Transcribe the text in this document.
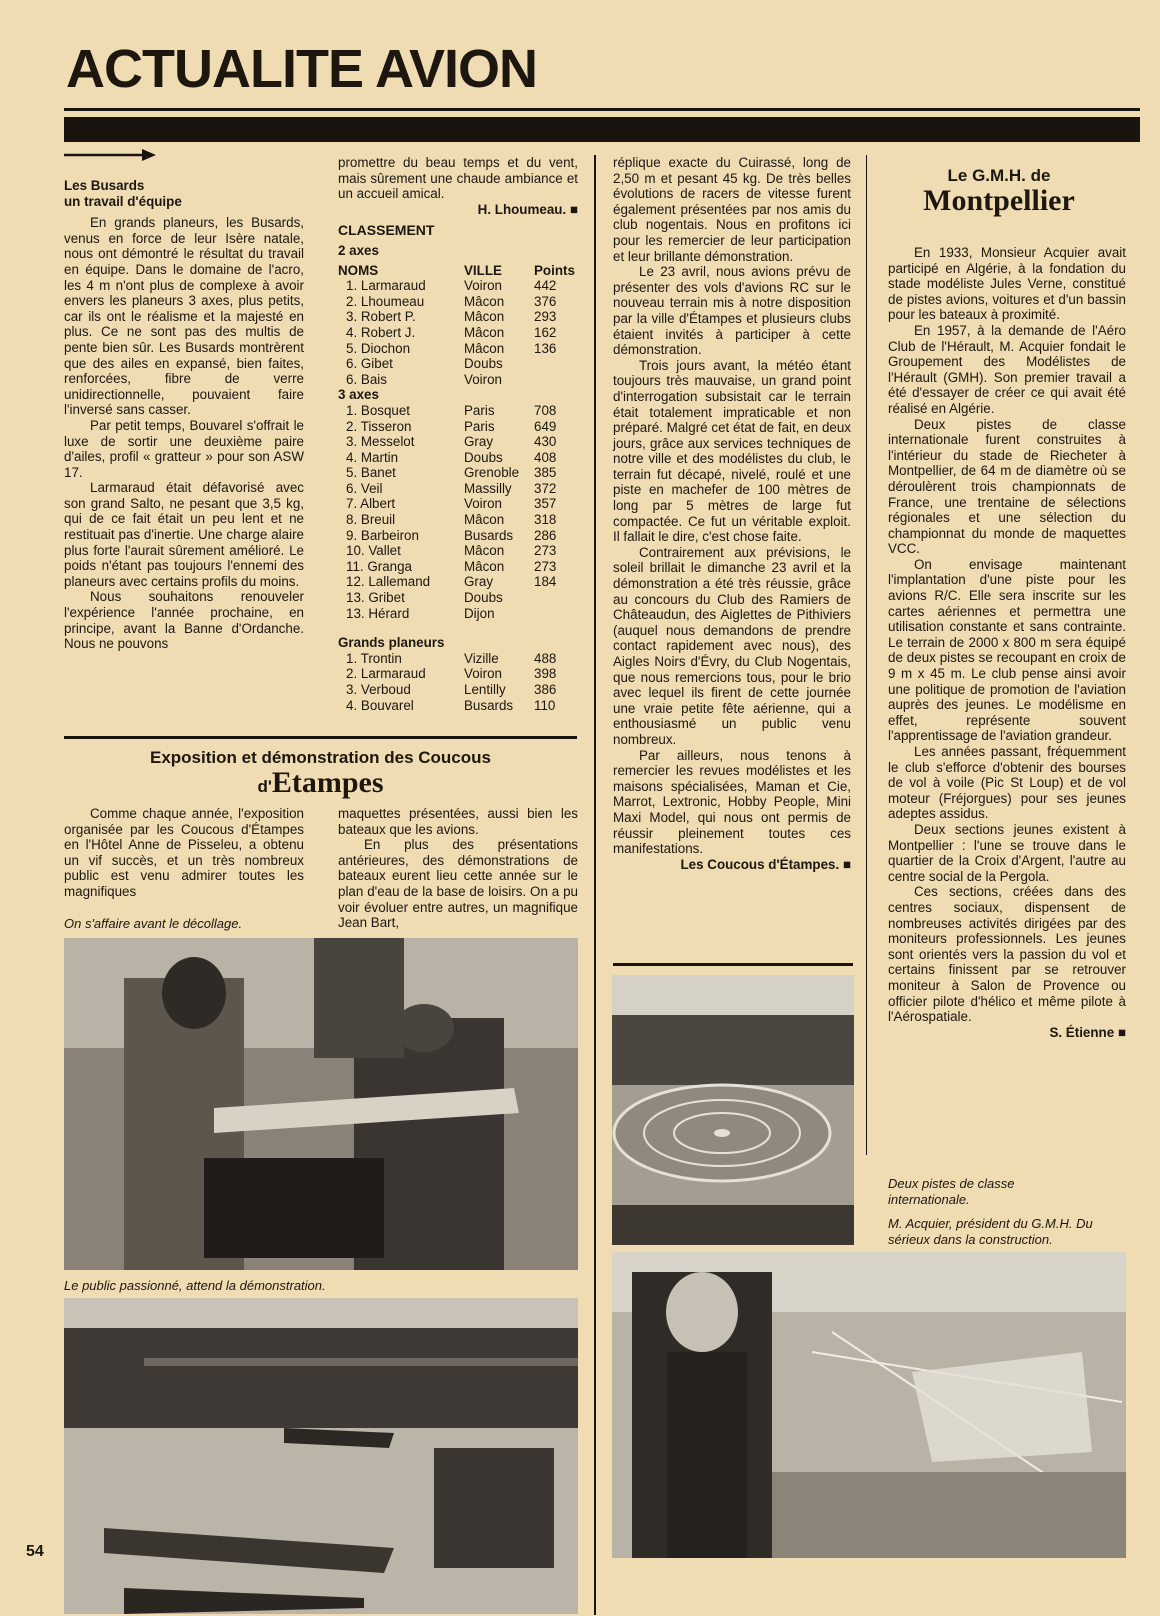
ACTUALITE AVION

Les Busards

un travail d'équipe

En grands planeurs, les Busards, venus en force de leur Isère natale, nous ont démontré le résultat du travail en équipe. Dans le domaine de l'acro, les 4 m n'ont plus de complexe à avoir envers les planeurs 3 axes, plus petits, car ils ont le réalisme et la majesté en plus. Ce ne sont pas des multis de pente bien sûr. Les Busards montrèrent que des ailes en expansé, bien faites, renforcées, fibre de verre unidirectionnelle, pouvaient faire l'inversé sans casser.

Par petit temps, Bouvarel s'offrait le luxe de sortir une deuxième paire d'ailes, profil « gratteur » pour son ASW 17.

Larmaraud était défavorisé avec son grand Salto, ne pesant que 3,5 kg, qui de ce fait était un peu lent et ne restituait pas d'inertie. Une charge alaire plus forte l'aurait sûrement amélioré. Le poids n'étant pas toujours l'ennemi des planeurs avec certains profils du moins.

Nous souhaitons renouveler l'expérience l'année prochaine, en principe, avant la Banne d'Ordanche. Nous ne pouvons

promettre du beau temps et du vent, mais sûrement une chaude ambiance et un accueil amical.

H. Lhoumeau. ■
CLASSEMENT
2 axes
NOMS	VILLE	Points
1. Larmaraud	Voiron	442
2. Lhoumeau	Mâcon	376
3. Robert P.	Mâcon	293
4. Robert J.	Mâcon	162
5. Diochon	Mâcon	136
6. Gibet	Doubs	
6. Bais	Voiron	
3 axes
1. Bosquet	Paris	708
2. Tisseron	Paris	649
3. Messelot	Gray	430
4. Martin	Doubs	408
5. Banet	Grenoble	385
6. Veil	Massilly	372
7. Albert	Voiron	357
8. Breuil	Mâcon	318
9. Barbeiron	Busards	286
10. Vallet	Mâcon	273
11. Granga	Mâcon	273
12. Lallemand	Gray	184
13. Gribet	Doubs	
13. Hérard	Dijon	
Grands planeurs
1. Trontin	Vizille	488
2. Larmaraud	Voiron	398
3. Verboud	Lentilly	386
4. Bouvarel	Busards	110
Exposition et démonstration des Coucous
d'Etampes

Comme chaque année, l'exposition organisée par les Coucous d'Étampes en l'Hôtel Anne de Pisseleu, a obtenu un vif succès, et un très nombreux public est venu admirer toutes les magnifiques

maquettes présentées, aussi bien les bateaux que les avions.

En plus des présentations antérieures, des démonstrations de bateaux eurent lieu cette année sur le plan d'eau de la base de loisirs. On a pu voir évoluer entre autres, un magnifique Jean Bart,

On s'affaire avant le décollage.
Le public passionné, attend la démonstration.

réplique exacte du Cuirassé, long de 2,50 m et pesant 45 kg. De très belles évolutions de racers de vitesse furent également présentées par nos amis du club nogentais. Nous en profitons ici pour les remercier de leur participation et leur brillante démonstration.

Le 23 avril, nous avions prévu de présenter des vols d'avions RC sur le nouveau terrain mis à notre disposition par la ville d'Étampes et plusieurs clubs étaient invités à participer à cette démonstration.

Trois jours avant, la météo étant toujours très mauvaise, un grand point d'interrogation subsistait car le terrain était totalement impraticable et non préparé. Malgré cet état de fait, en deux jours, grâce aux services techniques de notre ville et des modélistes du club, le terrain fut décapé, nivelé, roulé et une piste en machefer de 100 mètres de long par 5 mètres de large fut compactée. Ce fut un véritable exploit. Il fallait le dire, c'est chose faite.

Contrairement aux prévisions, le soleil brillait le dimanche 23 avril et la démonstration a été très réussie, grâce au concours du Club des Ramiers de Châteaudun, des Aiglettes de Pithiviers (auquel nous demandons de prendre contact rapidement avec nous), des Aigles Noirs d'Évry, du Club Nogentais, que nous remercions tous, pour le brio avec lequel ils firent de cette journée une vraie petite fête aérienne, qui a enthousiasmé un public venu nombreux.

Par ailleurs, nous tenons à remercier les revues modélistes et les maisons spécialisées, Maman et Cie, Marrot, Lextronic, Hobby People, Mini Maxi Model, qui nous ont permis de réussir pleinement toutes ces manifestations.

Les Coucous d'Étampes. ■
Le G.M.H. de
Montpellier

En 1933, Monsieur Acquier avait participé en Algérie, à la fondation du stade modéliste Jules Verne, constitué de pistes avions, voitures et d'un bassin pour les bateaux à proximité.

En 1957, à la demande de l'Aéro Club de l'Hérault, M. Acquier fondait le Groupement des Modélistes de l'Hérault (GMH). Son premier travail a été d'essayer de créer ce qui avait été réalisé en Algérie.

Deux pistes de classe internationale furent construites à l'intérieur du stade de Riecheter à Montpellier, de 64 m de diamètre où se déroulèrent trois championnats de France, une trentaine de sélections régionales et une sélection du championnat du monde de maquettes VCC.

On envisage maintenant l'implantation d'une piste pour les avions R/C. Elle sera inscrite sur les cartes aériennes et permettra une utilisation constante et sans contrainte. Le terrain de 2000 x 800 m sera équipé de deux pistes se recoupant en croix de 9 m x 45 m. Le club pense ainsi avoir une politique de promotion de l'aviation auprès des jeunes. Le modélisme en effet, représente souvent l'apprentissage de l'aviation grandeur.

Les années passant, fréquemment le club s'efforce d'obtenir des bourses de vol à voile (Pic St Loup) et de vol moteur (Fréjorgues) pour ses jeunes adeptes assidus.

Deux sections jeunes existent à Montpellier : l'une se trouve dans le quartier de la Croix d'Argent, l'autre au centre social de la Pergola.

Ces sections, créées dans des centres sociaux, dispensent de nombreuses activités dirigées par des moniteurs professionnels. Les jeunes sont orientés vers la passion du vol et certains finissent par se retrouver moniteur à Salon de Provence ou officier pilote d'hélico et même pilote à l'Aérospatiale.

S. Étienne ■
Deux pistes de classe internationale.
M. Acquier, président du G.M.H. Du sérieux dans la construction.
54
